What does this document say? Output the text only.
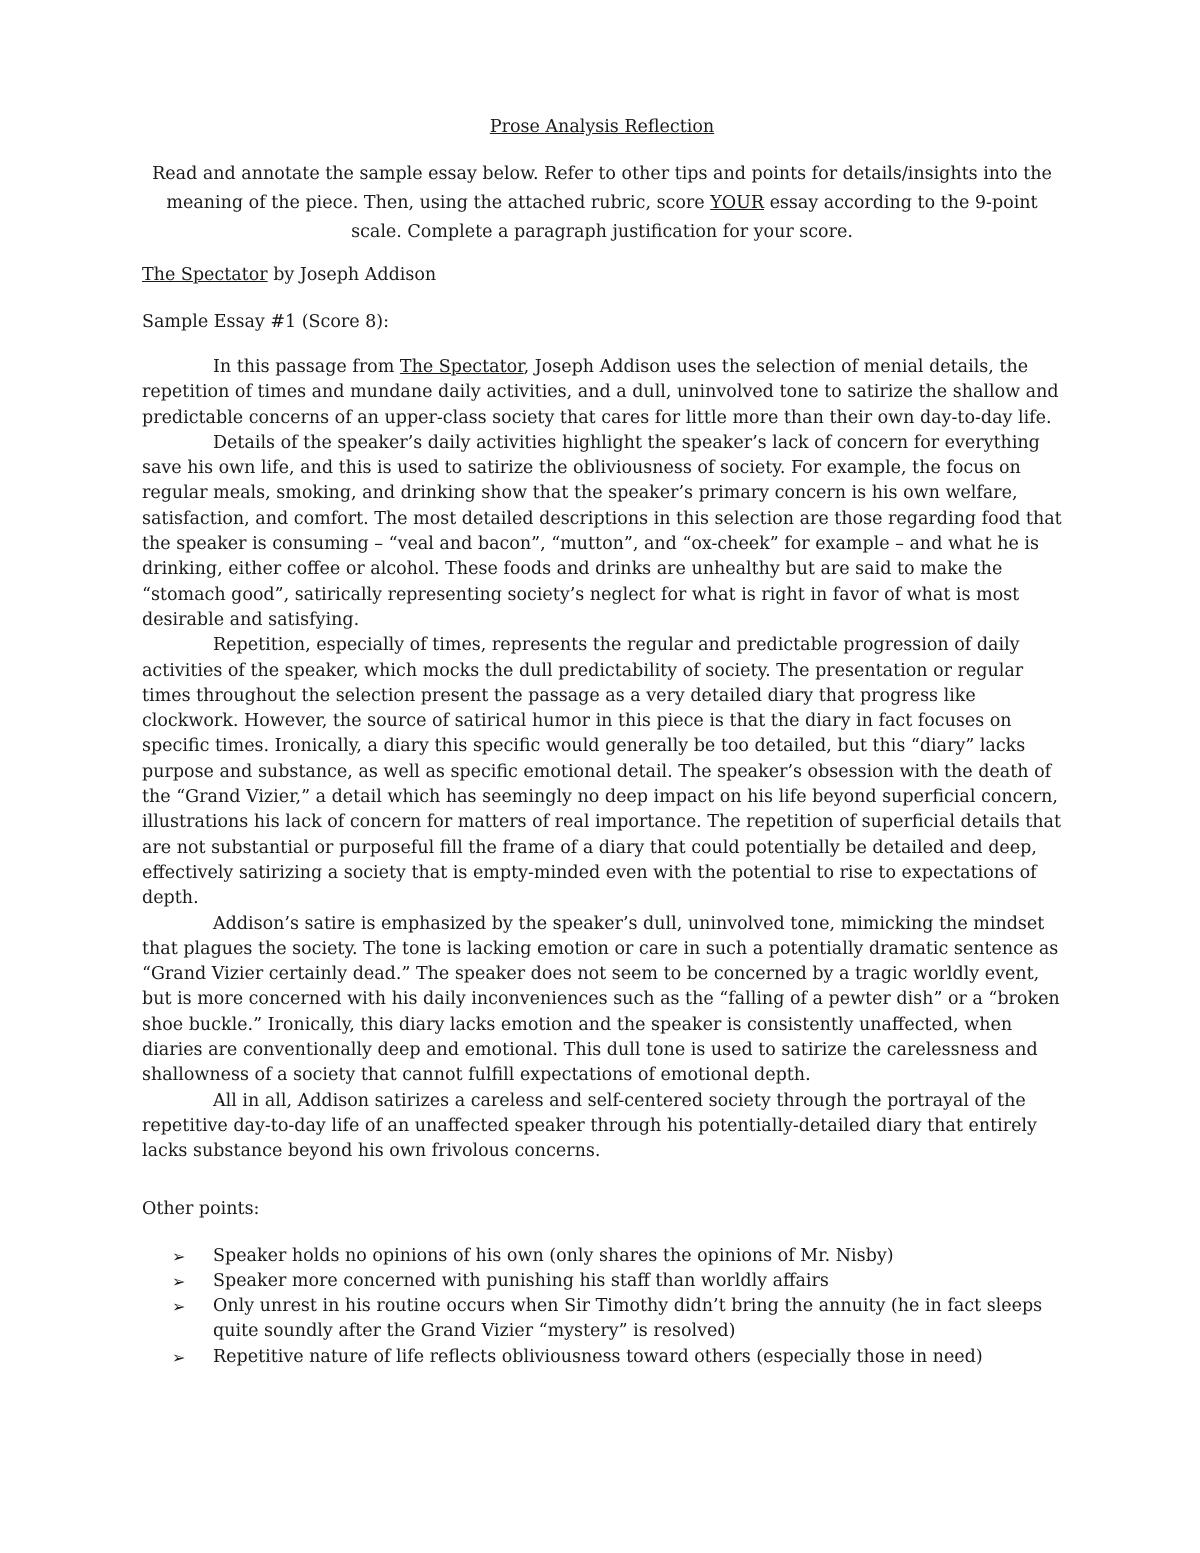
Prose Analysis Reflection
Read and annotate the sample essay below. Refer to other tips and points for details/insights into the meaning of the piece. Then, using the attached rubric, score YOUR essay according to the 9-point scale. Complete a paragraph justification for your score.
The Spectator by Joseph Addison
Sample Essay #1 (Score 8):

In this passage from The Spectator, Joseph Addison uses the selection of menial details, the repetition of times and mundane daily activities, and a dull, uninvolved tone to satirize the shallow and predictable concerns of an upper-class society that cares for little more than their own day-to-day life.

Details of the speaker’s daily activities highlight the speaker’s lack of concern for everything save his own life, and this is used to satirize the obliviousness of society. For example, the focus on regular meals, smoking, and drinking show that the speaker’s primary concern is his own welfare, satisfaction, and comfort. The most detailed descriptions in this selection are those regarding food that the speaker is consuming – “veal and bacon”, “mutton”, and “ox-cheek” for example – and what he is drinking, either coffee or alcohol. These foods and drinks are unhealthy but are said to make the “stomach good”, satirically representing society’s neglect for what is right in favor of what is most desirable and satisfying.

Repetition, especially of times, represents the regular and predictable progression of daily activities of the speaker, which mocks the dull predictability of society. The presentation or regular times throughout the selection present the passage as a very detailed diary that progress like clockwork. However, the source of satirical humor in this piece is that the diary in fact focuses on specific times. Ironically, a diary this specific would generally be too detailed, but this “diary” lacks purpose and substance, as well as specific emotional detail. The speaker’s obsession with the death of the “Grand Vizier,” a detail which has seemingly no deep impact on his life beyond superficial concern, illustrations his lack of concern for matters of real importance. The repetition of superficial details that are not substantial or purposeful fill the frame of a diary that could potentially be detailed and deep, effectively satirizing a society that is empty-minded even with the potential to rise to expectations of depth.

Addison’s satire is emphasized by the speaker’s dull, uninvolved tone, mimicking the mindset that plagues the society. The tone is lacking emotion or care in such a potentially dramatic sentence as “Grand Vizier certainly dead.” The speaker does not seem to be concerned by a tragic worldly event, but is more concerned with his daily inconveniences such as the “falling of a pewter dish” or a “broken shoe buckle.” Ironically, this diary lacks emotion and the speaker is consistently unaffected, when diaries are conventionally deep and emotional. This dull tone is used to satirize the carelessness and shallowness of a society that cannot fulfill expectations of emotional depth.

All in all, Addison satirizes a careless and self-centered society through the portrayal of the repetitive day-to-day life of an unaffected speaker through his potentially-detailed diary that entirely lacks substance beyond his own frivolous concerns.

Other points:
➢ Speaker holds no opinions of his own (only shares the opinions of Mr. Nisby)
➢ Speaker more concerned with punishing his staff than worldly affairs
➢ Only unrest in his routine occurs when Sir Timothy didn’t bring the annuity (he in fact sleeps quite soundly after the Grand Vizier “mystery” is resolved)
➢ Repetitive nature of life reflects obliviousness toward others (especially those in need)
